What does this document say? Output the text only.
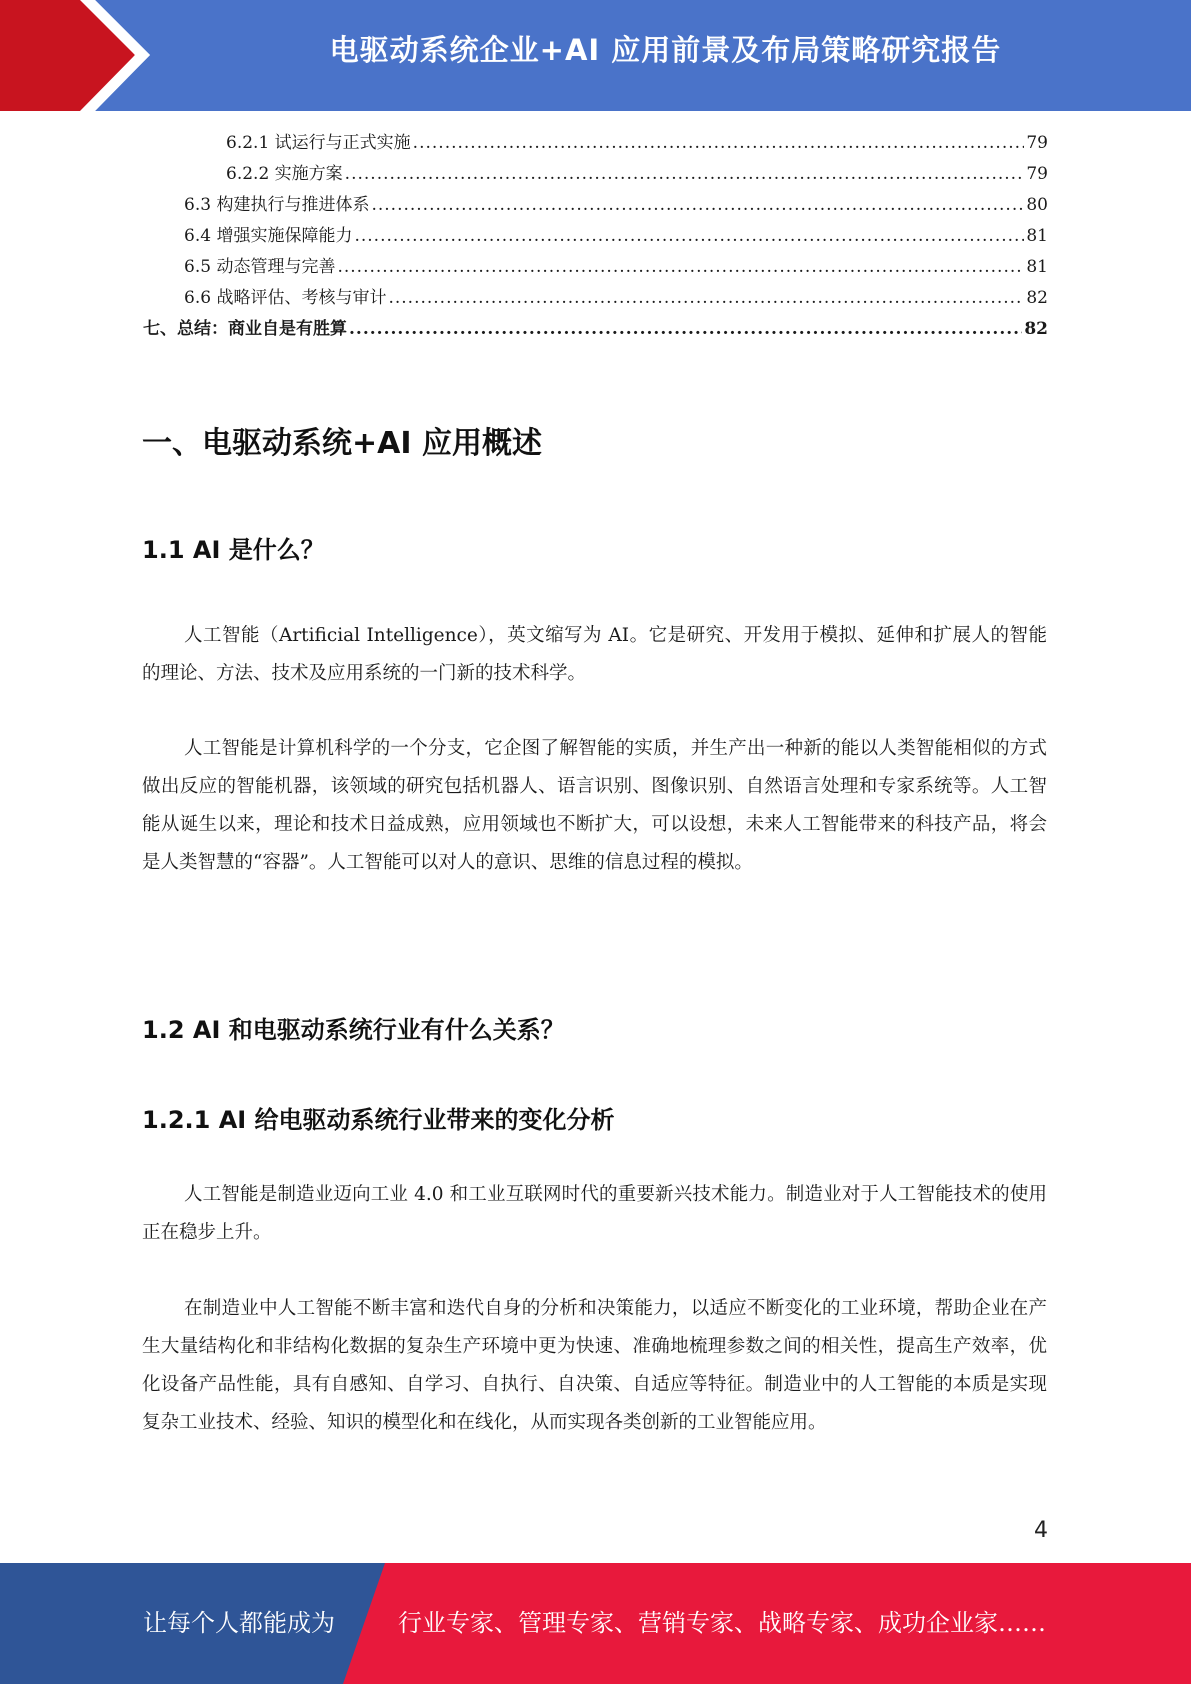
电驱动系统企业+AI 应用前景及布局策略研究报告
6.2.1 试运行与正式实施 .....	79
6.2.2 实施方案 .....	79
6.3 构建执行与推进体系 .....	80
6.4 增强实施保障能力 .....	81
6.5 动态管理与完善 .....	81
6.6 战略评估、考核与审计 .....	82
七、总结：商业自是有胜算 .....	82
一、电驱动系统+AI 应用概述
1.1 AI 是什么？
人工智能（Artificial Intelligence），英文缩写为 AI。它是研究、开发用于模拟、延伸和扩展人的智能的理论、方法、技术及应用系统的一门新的技术科学。
人工智能是计算机科学的一个分支，它企图了解智能的实质，并生产出一种新的能以人类智能相似的方式做出反应的智能机器，该领域的研究包括机器人、语言识别、图像识别、自然语言处理和专家系统等。人工智能从诞生以来，理论和技术日益成熟，应用领域也不断扩大，可以设想，未来人工智能带来的科技产品，将会是人类智慧的“容器”。人工智能可以对人的意识、思维的信息过程的模拟。
1.2 AI 和电驱动系统行业有什么关系？
1.2.1 AI 给电驱动系统行业带来的变化分析
人工智能是制造业迈向工业 4.0 和工业互联网时代的重要新兴技术能力。制造业对于人工智能技术的使用正在稳步上升。
在制造业中人工智能不断丰富和迭代自身的分析和决策能力，以适应不断变化的工业环境，帮助企业在产生大量结构化和非结构化数据的复杂生产环境中更为快速、准确地梳理参数之间的相关性，提高生产效率，优化设备产品性能，具有自感知、自学习、自执行、自决策、自适应等特征。制造业中的人工智能的本质是实现复杂工业技术、经验、知识的模型化和在线化，从而实现各类创新的工业智能应用。
4
让每个人都能成为	行业专家、管理专家、营销专家、战略专家、成功企业家……
